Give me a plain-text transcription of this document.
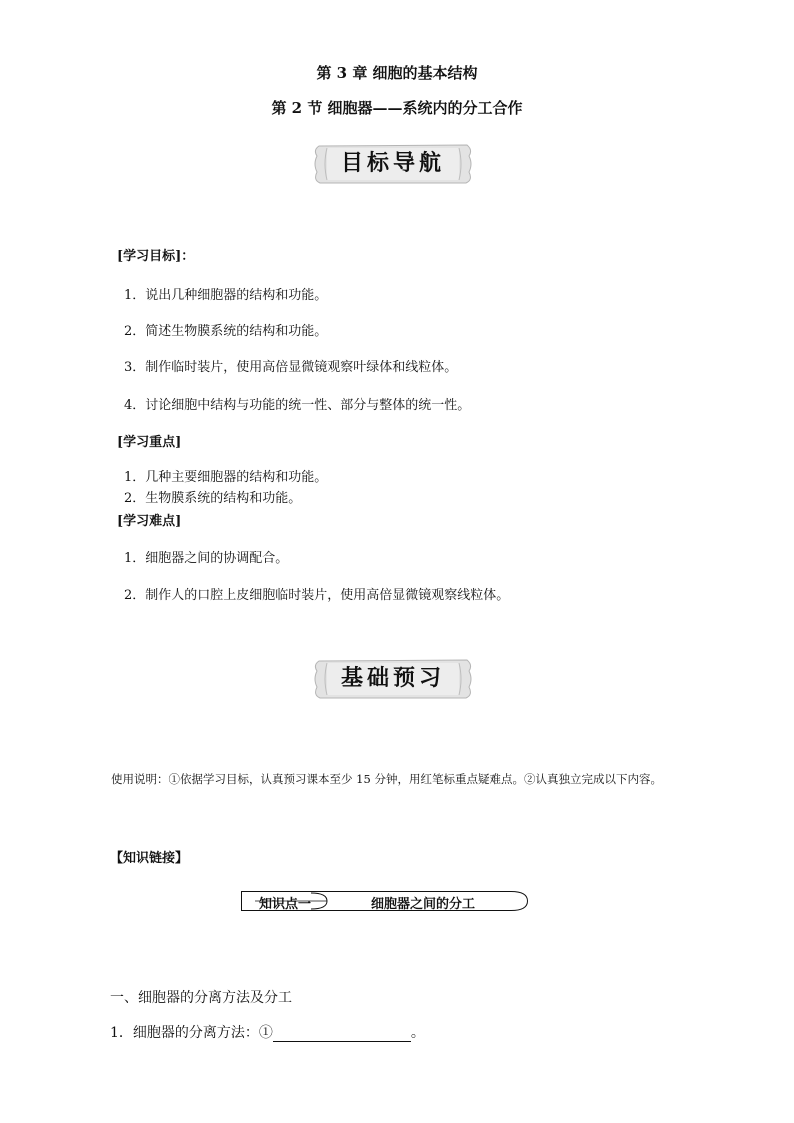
第 3 章 细胞的基本结构
第 2 节 细胞器——系统内的分工合作
目标导航
[学习目标]：
1．说出几种细胞器的结构和功能。
2．简述生物膜系统的结构和功能。
3．制作临时装片，使用高倍显微镜观察叶绿体和线粒体。
4．讨论细胞中结构与功能的统一性、部分与整体的统一性。
[学习重点]
1．几种主要细胞器的结构和功能。
2．生物膜系统的结构和功能。
[学习难点]
1．细胞器之间的协调配合。
2．制作人的口腔上皮细胞临时装片，使用高倍显微镜观察线粒体。
基础预习
使用说明：①依据学习目标，认真预习课本至少 15 分钟，用红笔标重点疑难点。②认真独立完成以下内容。
【知识链接】
知识点一	细胞器之间的分工
一、细胞器的分离方法及分工
1．细胞器的分离方法：①	。
